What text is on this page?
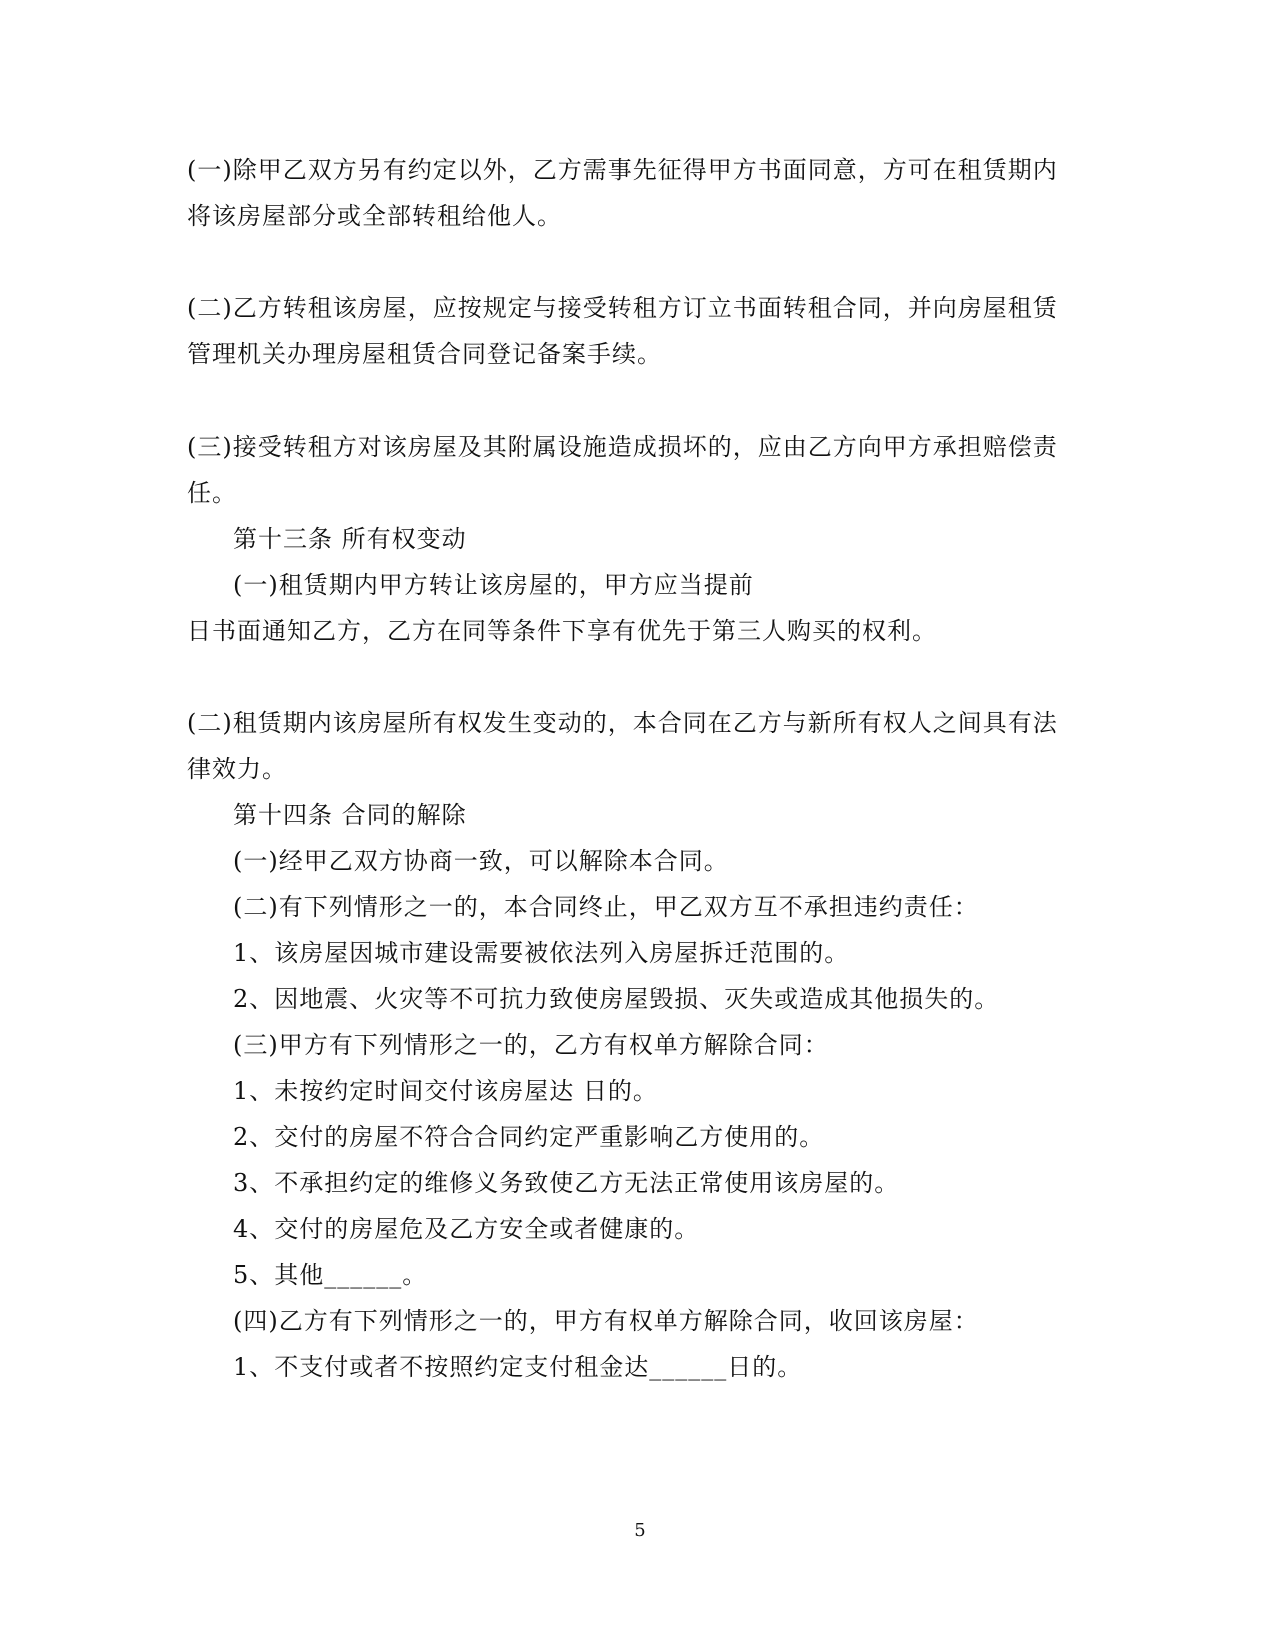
(一)除甲乙双方另有约定以外，乙方需事先征得甲方书面同意，方可在租赁期内
将该房屋部分或全部转租给他人。
(二)乙方转租该房屋，应按规定与接受转租方订立书面转租合同，并向房屋租赁
管理机关办理房屋租赁合同登记备案手续。
(三)接受转租方对该房屋及其附属设施造成损坏的，应由乙方向甲方承担赔偿责
任。
第十三条 所有权变动
(一)租赁期内甲方转让该房屋的，甲方应当提前
日书面通知乙方，乙方在同等条件下享有优先于第三人购买的权利。
(二)租赁期内该房屋所有权发生变动的，本合同在乙方与新所有权人之间具有法
律效力。
第十四条 合同的解除
(一)经甲乙双方协商一致，可以解除本合同。
(二)有下列情形之一的，本合同终止，甲乙双方互不承担违约责任：
1、该房屋因城市建设需要被依法列入房屋拆迁范围的。
2、因地震、火灾等不可抗力致使房屋毁损、灭失或造成其他损失的。
(三)甲方有下列情形之一的，乙方有权单方解除合同：
1、未按约定时间交付该房屋达 日的。
2、交付的房屋不符合合同约定严重影响乙方使用的。
3、不承担约定的维修义务致使乙方无法正常使用该房屋的。
4、交付的房屋危及乙方安全或者健康的。
5、其他______。
(四)乙方有下列情形之一的，甲方有权单方解除合同，收回该房屋：
1、不支付或者不按照约定支付租金达______日的。
5
